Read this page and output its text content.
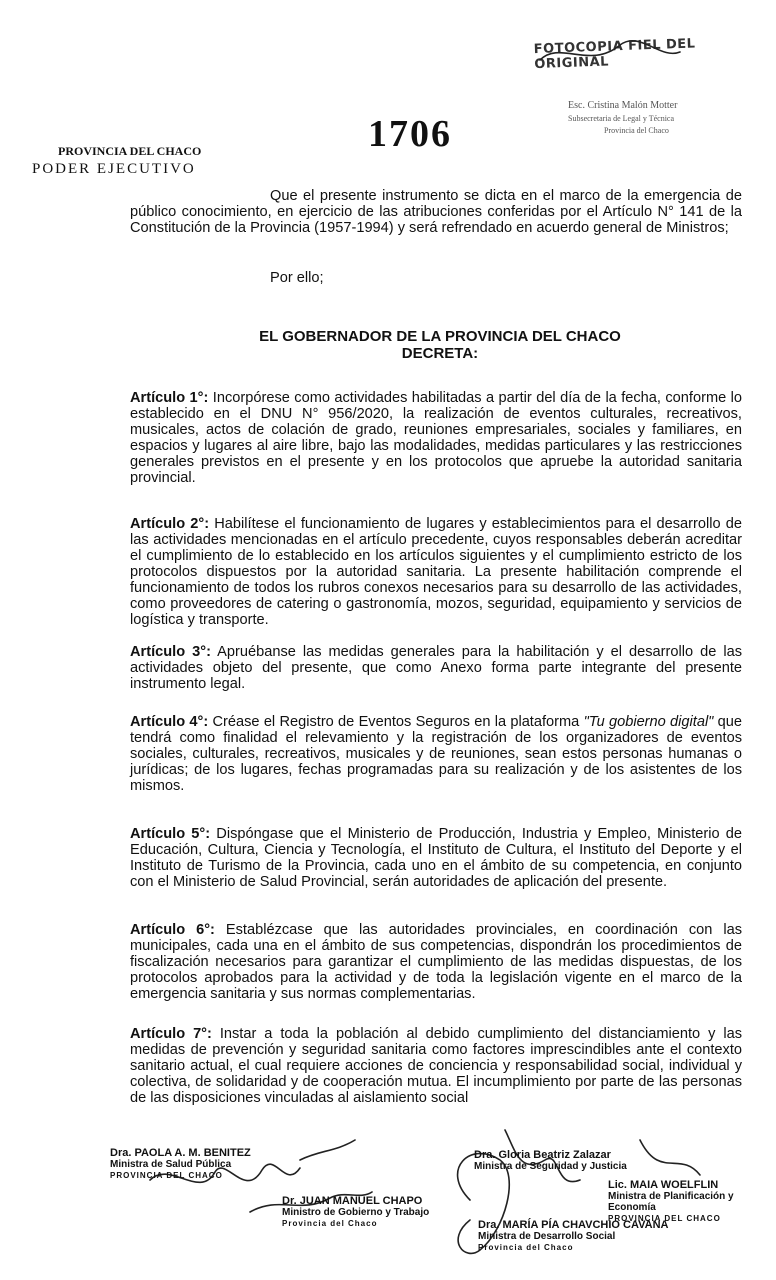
FOTOCOPIA FIEL DEL ORIGINAL
Esc. Cristina Malón Motter
Subsecretaria de Legal y Técnica
Provincia del Chaco
PROVINCIA DEL CHACO
PODER EJECUTIVO
1706

Que el presente instrumento se dicta en el marco de la emergencia de público conocimiento, en ejercicio de las atribuciones conferidas por el Artículo N° 141 de la Constitución de la Provincia (1957-1994) y será refrendado en acuerdo general de Ministros;

Por ello;

EL GOBERNADOR DE LA PROVINCIA DEL CHACO
DECRETA:

Artículo 1°: Incorpórese como actividades habilitadas a partir del día de la fecha, conforme lo establecido en el DNU N° 956/2020, la realización de eventos culturales, recreativos, musicales, actos de colación de grado, reuniones empresariales, sociales y familiares, en espacios y lugares al aire libre, bajo las modalidades, medidas particulares y las restricciones generales previstos en el presente y en los protocolos que apruebe la autoridad sanitaria provincial.

Artículo 2°: Habilítese el funcionamiento de lugares y establecimientos para el desarrollo de las actividades mencionadas en el artículo precedente, cuyos responsables deberán acreditar el cumplimiento de lo establecido en los artículos siguientes y el cumplimiento estricto de los protocolos dispuestos por la autoridad sanitaria. La presente habilitación comprende el funcionamiento de todos los rubros conexos necesarios para su desarrollo de las actividades, como proveedores de catering o gastronomía, mozos, seguridad, equipamiento y servicios de logística y transporte.

Artículo 3°: Apruébanse las medidas generales para la habilitación y el desarrollo de las actividades objeto del presente, que como Anexo forma parte integrante del presente instrumento legal.

Artículo 4°: Créase el Registro de Eventos Seguros en la plataforma "Tu gobierno digital" que tendrá como finalidad el relevamiento y la registración de los organizadores de eventos sociales, culturales, recreativos, musicales y de reuniones, sean estos personas humanas o jurídicas; de los lugares, fechas programadas para su realización y de los asistentes de los mismos.

Artículo 5°: Dispóngase que el Ministerio de Producción, Industria y Empleo, Ministerio de Educación, Cultura, Ciencia y Tecnología, el Instituto de Cultura, el Instituto del Deporte y el Instituto de Turismo de la Provincia, cada uno en el ámbito de su competencia, en conjunto con el Ministerio de Salud Provincial, serán autoridades de aplicación del presente.

Artículo 6°: Establézcase que las autoridades provinciales, en coordinación con las municipales, cada una en el ámbito de sus competencias, dispondrán los procedimientos de fiscalización necesarios para garantizar el cumplimiento de las medidas dispuestas, de los protocolos aprobados para la actividad y de toda la legislación vigente en el marco de la emergencia sanitaria y sus normas complementarias.

Artículo 7°: Instar a toda la población al debido cumplimiento del distanciamiento y las medidas de prevención y seguridad sanitaria como factores imprescindibles ante el contexto sanitario actual, el cual requiere acciones de conciencia y responsabilidad social, individual y colectiva, de solidaridad y de cooperación mutua. El incumplimiento por parte de las personas de las disposiciones vinculadas al aislamiento social

Dra. PAOLA A. M. BENITEZ
Ministra de Salud Pública
PROVINCIA DEL CHACO
Dr. JUAN MANUEL CHAPO
Ministro de Gobierno y Trabajo
Provincia del Chaco
Dra. Gloria Beatriz Zalazar
Ministra de Seguridad y Justicia
Dra. MARÍA PÍA CHAVCHIO CAVANA
Ministra de Desarrollo Social
Provincia del Chaco
Lic. MAIA WOELFLIN
Ministra de Planificación y Economía
PROVINCIA DEL CHACO
